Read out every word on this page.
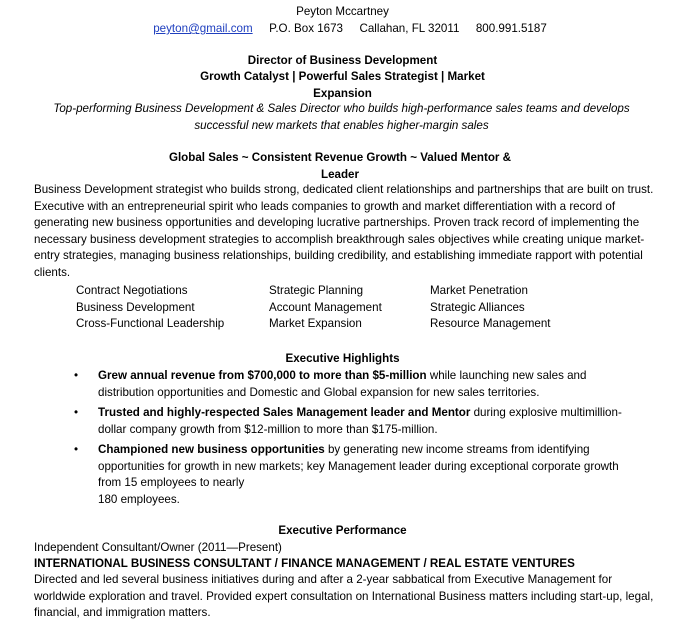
Peyton Mccartney
peyton@gmail.com P.O. Box 1673 Callahan, FL 32011 800.991.5187
Director of Business Development
Growth Catalyst | Powerful Sales Strategist | Market
Expansion
Top-performing Business Development & Sales Director who builds high-performance sales teams and develops successful new markets that enables higher-margin sales
Global Sales ~ Consistent Revenue Growth ~ Valued Mentor &
Leader
Business Development strategist who builds strong, dedicated client relationships and partnerships that are built on trust. Executive with an entrepreneurial spirit who leads companies to growth and market differentiation with a record of generating new business opportunities and developing lucrative partnerships. Proven track record of implementing the necessary business development strategies to accomplish breakthrough sales objectives while creating unique market-entry strategies, managing business relationships, building credibility, and establishing immediate rapport with potential clients.
Contract Negotiations
Business Development
Cross-Functional Leadership
Strategic Planning
Account Management
Market Expansion
Market Penetration
Strategic Alliances
Resource Management
Executive Highlights
• Grew annual revenue from $700,000 to more than $5-million while launching new sales and distribution opportunities and Domestic and Global expansion for new sales territories.
• Trusted and highly-respected Sales Management leader and Mentor during explosive multimillion-dollar company growth from $12-million to more than $175-million.
• Championed new business opportunities by generating new income streams from identifying opportunities for growth in new markets; key Management leader during exceptional corporate growth from 15 employees to nearly
180 employees.
Executive Performance
Independent Consultant/Owner (2011—Present)
INTERNATIONAL BUSINESS CONSULTANT / FINANCE MANAGEMENT / REAL ESTATE VENTURES
Directed and led several business initiatives during and after a 2-year sabbatical from Executive Management for worldwide exploration and travel. Provided expert consultation on International Business matters including start-up, legal, financial, and immigration matters.
